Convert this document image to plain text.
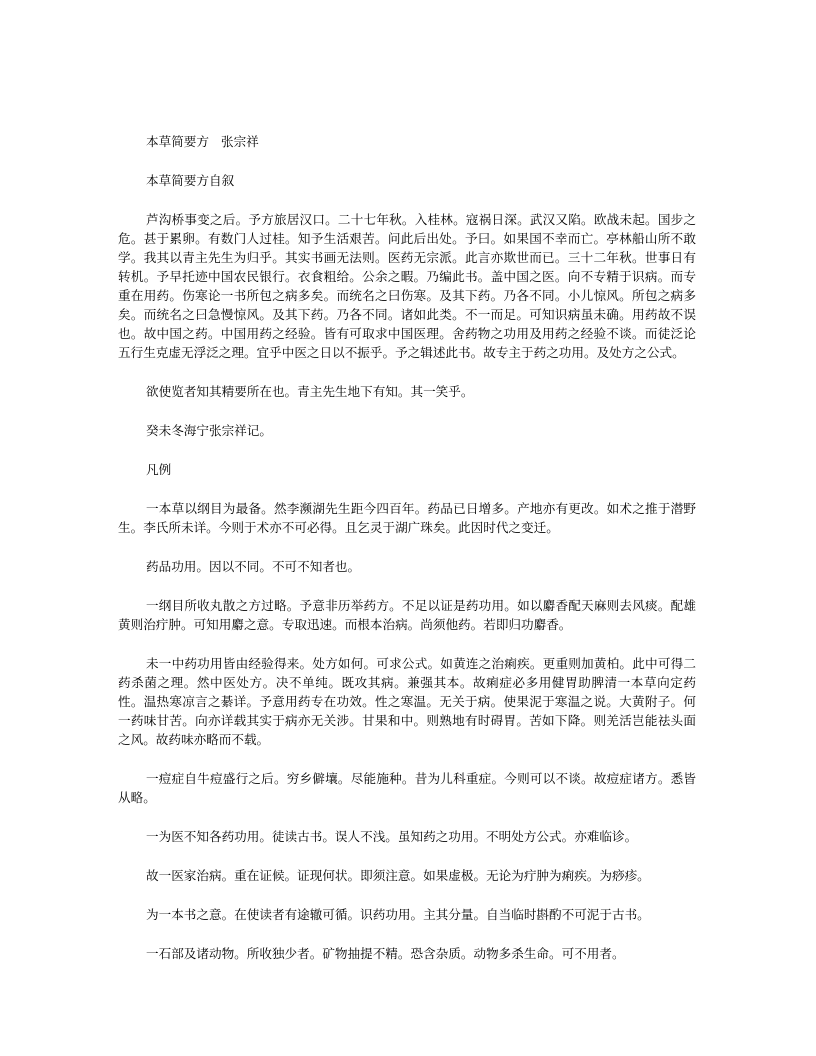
本草简要方 张宗祥
本草简要方自叙

芦沟桥事变之后。予方旅居汉口。二十七年秋。入桂林。寇祸日深。武汉又陷。欧战未起。国步之危。甚于累卵。有数门人过桂。知予生活艰苦。问此后出处。予曰。如果国不幸而亡。亭林船山所不敢学。我其以青主先生为归乎。其实书画无法则。医药无宗派。此言亦欺世而已。三十二年秋。世事日有转机。予早托迹中国农民银行。衣食粗给。公余之暇。乃编此书。盖中国之医。向不专精于识病。而专重在用药。伤寒论一书所包之病多矣。而统名之曰伤寒。及其下药。乃各不同。小儿惊风。所包之病多矣。而统名之曰急慢惊风。及其下药。乃各不同。诸如此类。不一而足。可知识病虽未确。用药故不误也。故中国之药。中国用药之经验。皆有可取求中国医理。舍药物之功用及用药之经验不谈。而徒泛论五行生克虚无浮泛之理。宜乎中医之日以不振乎。予之辑述此书。故专主于药之功用。及处方之公式。

欲使览者知其精要所在也。青主先生地下有知。其一笑乎。

癸未冬海宁张宗祥记。

凡例

一本草以纲目为最备。然李濒湖先生距今四百年。药品已日增多。产地亦有更改。如术之推于潜野生。李氏所未详。今则于术亦不可必得。且乞灵于湖广珠矣。此因时代之变迁。

药品功用。因以不同。不可不知者也。

一纲目所收丸散之方过略。予意非历举药方。不足以证是药功用。如以麝香配天麻则去风痰。配雄黄则治疔肿。可知用麝之意。专取迅速。而根本治病。尚须他药。若即归功麝香。

未一中药功用皆由经验得来。处方如何。可求公式。如黄连之治痢疾。更重则加黄柏。此中可得二药杀菌之理。然中医处方。决不单纯。既攻其病。兼强其本。故痢症必多用健胃助脾清一本草向定药性。温热寒凉言之綦详。予意用药专在功效。性之寒温。无关于病。使果泥于寒温之说。大黄附子。何一药味甘苦。向亦详载其实于病亦无关涉。甘果和中。则熟地有时碍胃。苦如下降。则羌活岂能祛头面之风。故药味亦略而不载。

一痘症自牛痘盛行之后。穷乡僻壤。尽能施种。昔为儿科重症。今则可以不谈。故痘症诸方。悉皆从略。

一为医不知各药功用。徒读古书。误人不浅。虽知药之功用。不明处方公式。亦难临诊。

故一医家治病。重在证候。证现何状。即须注意。如果虚极。无论为疔肿为痢疾。为痧疹。

为一本书之意。在使读者有途辙可循。识药功用。主其分量。自当临时斟酌不可泥于古书。

一石部及诸动物。所收独少者。矿物抽提不精。恐含杂质。动物多杀生命。可不用者。
